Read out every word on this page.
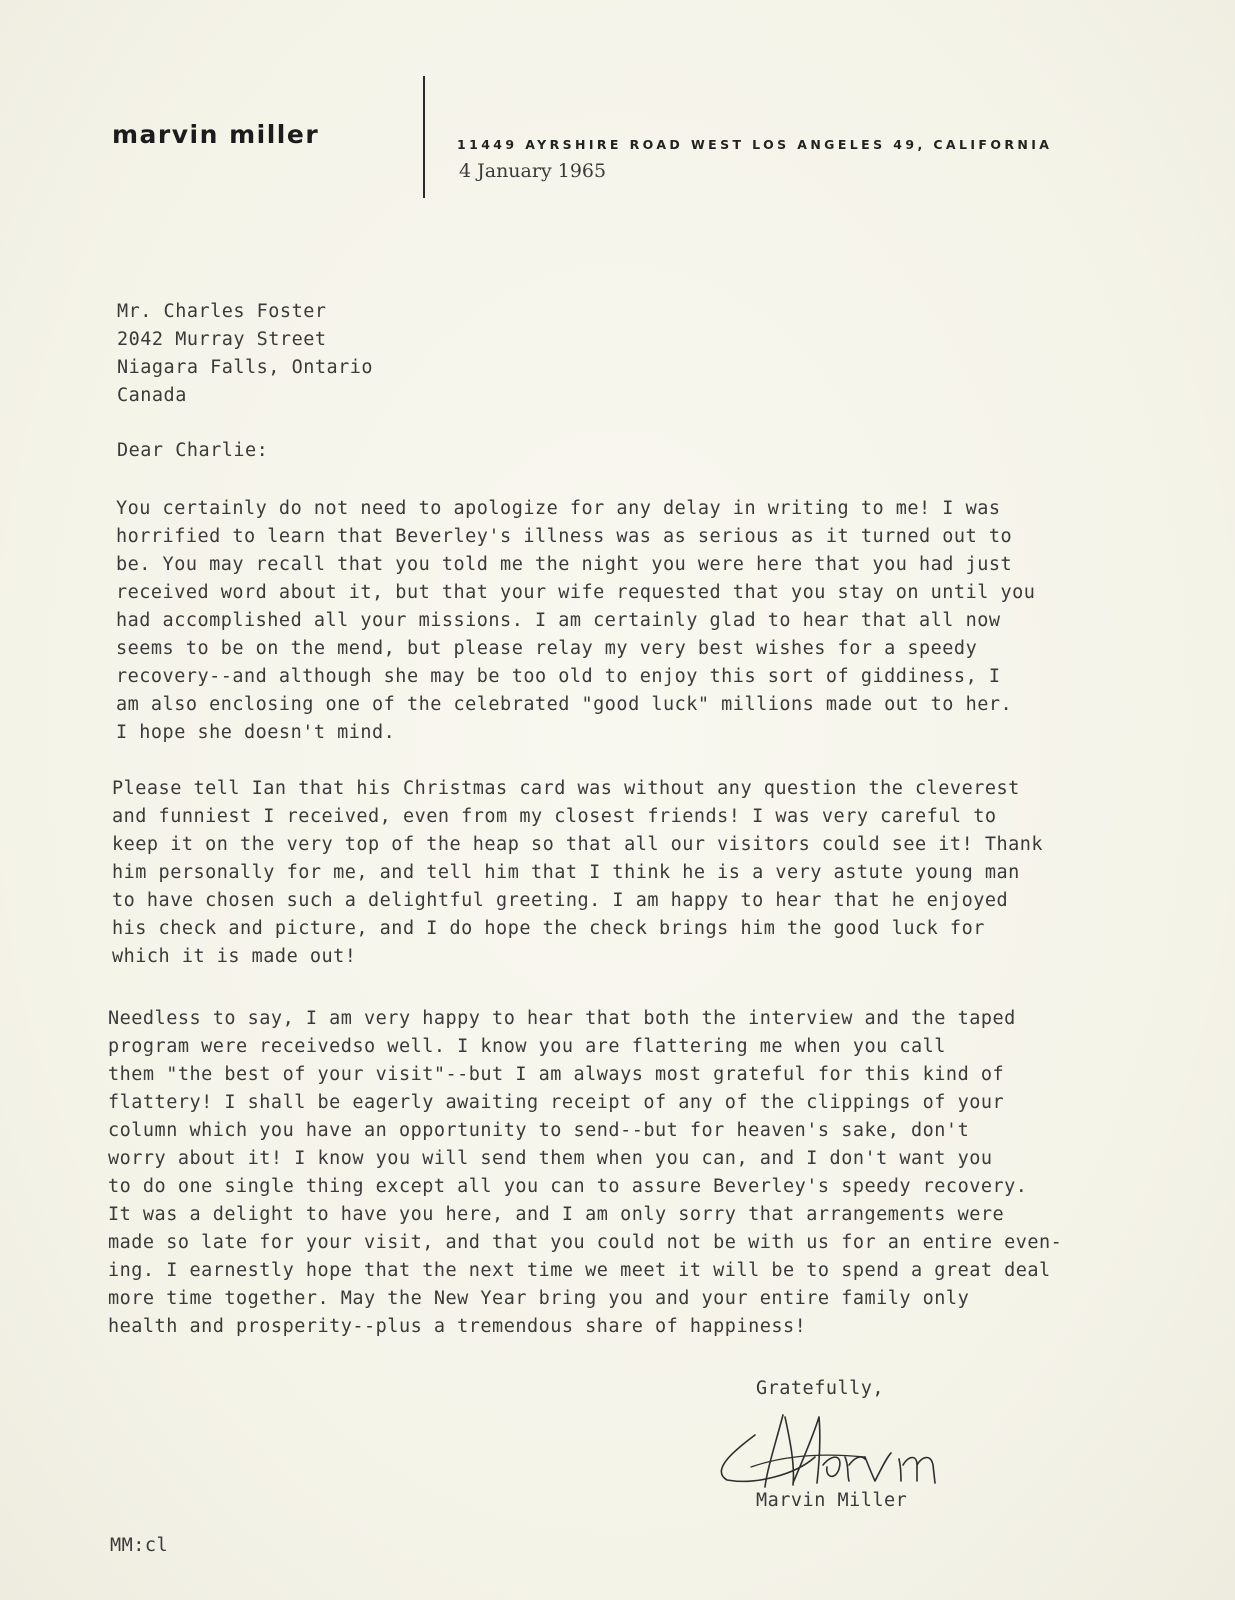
marvin miller	11449 AYRSHIRE ROAD WEST LOS ANGELES 49, CALIFORNIA
4 January 1965
Mr. Charles Foster
2042 Murray Street
Niagara Falls, Ontario
Canada
Dear Charlie:
You certainly do not need to apologize for any delay in writing to me! I was
horrified to learn that Beverley's illness was as serious as it turned out to
be. You may recall that you told me the night you were here that you had just
received word about it, but that your wife requested that you stay on until you
had accomplished all your missions. I am certainly glad to hear that all now
seems to be on the mend, but please relay my very best wishes for a speedy
recovery--and although she may be too old to enjoy this sort of giddiness, I
am also enclosing one of the celebrated "good luck" millions made out to her.
I hope she doesn't mind.
Please tell Ian that his Christmas card was without any question the cleverest
and funniest I received, even from my closest friends! I was very careful to
keep it on the very top of the heap so that all our visitors could see it! Thank
him personally for me, and tell him that I think he is a very astute young man
to have chosen such a delightful greeting. I am happy to hear that he enjoyed
his check and picture, and I do hope the check brings him the good luck for
which it is made out!
Needless to say, I am very happy to hear that both the interview and the taped
program were receivedso well. I know you are flattering me when you call
them "the best of your visit"--but I am always most grateful for this kind of
flattery! I shall be eagerly awaiting receipt of any of the clippings of your
column which you have an opportunity to send--but for heaven's sake, don't
worry about it! I know you will send them when you can, and I don't want you
to do one single thing except all you can to assure Beverley's speedy recovery.
It was a delight to have you here, and I am only sorry that arrangements were
made so late for your visit, and that you could not be with us for an entire even-
ing. I earnestly hope that the next time we meet it will be to spend a great deal
more time together. May the New Year bring you and your entire family only
health and prosperity--plus a tremendous share of happiness!
Gratefully,
Marvin Miller
MM:cl
